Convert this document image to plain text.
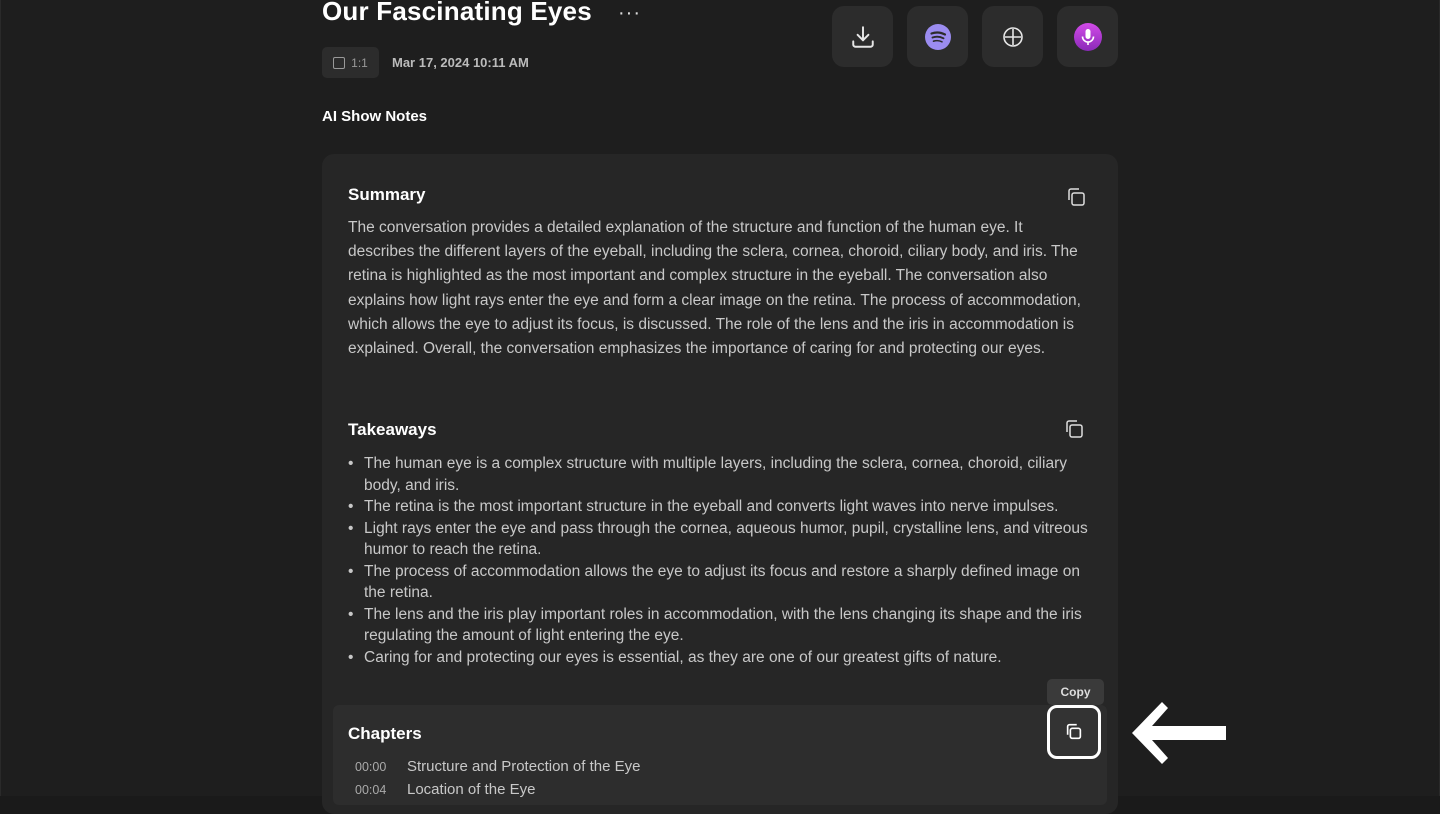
Our Fascinating Eyes ···
1:1 Mar 17, 2024 10:11 AM
AI Show Notes
Summary
The conversation provides a detailed explanation of the structure and function of the human eye. It describes the different layers of the eyeball, including the sclera, cornea, choroid, ciliary body, and iris. The retina is highlighted as the most important and complex structure in the eyeball. The conversation also explains how light rays enter the eye and form a clear image on the retina. The process of accommodation, which allows the eye to adjust its focus, is discussed. The role of the lens and the iris in accommodation is explained. Overall, the conversation emphasizes the importance of caring for and protecting our eyes.
Takeaways
• The human eye is a complex structure with multiple layers, including the sclera, cornea, choroid, ciliary body, and iris.
• The retina is the most important structure in the eyeball and converts light waves into nerve impulses.
• Light rays enter the eye and pass through the cornea, aqueous humor, pupil, crystalline lens, and vitreous humor to reach the retina.
• The process of accommodation allows the eye to adjust its focus and restore a sharply defined image on the retina.
• The lens and the iris play important roles in accommodation, with the lens changing its shape and the iris regulating the amount of light entering the eye.
• Caring for and protecting our eyes is essential, as they are one of our greatest gifts of nature.
Chapters
00:00	Structure and Protection of the Eye
00:04	Location of the Eye
Copy
